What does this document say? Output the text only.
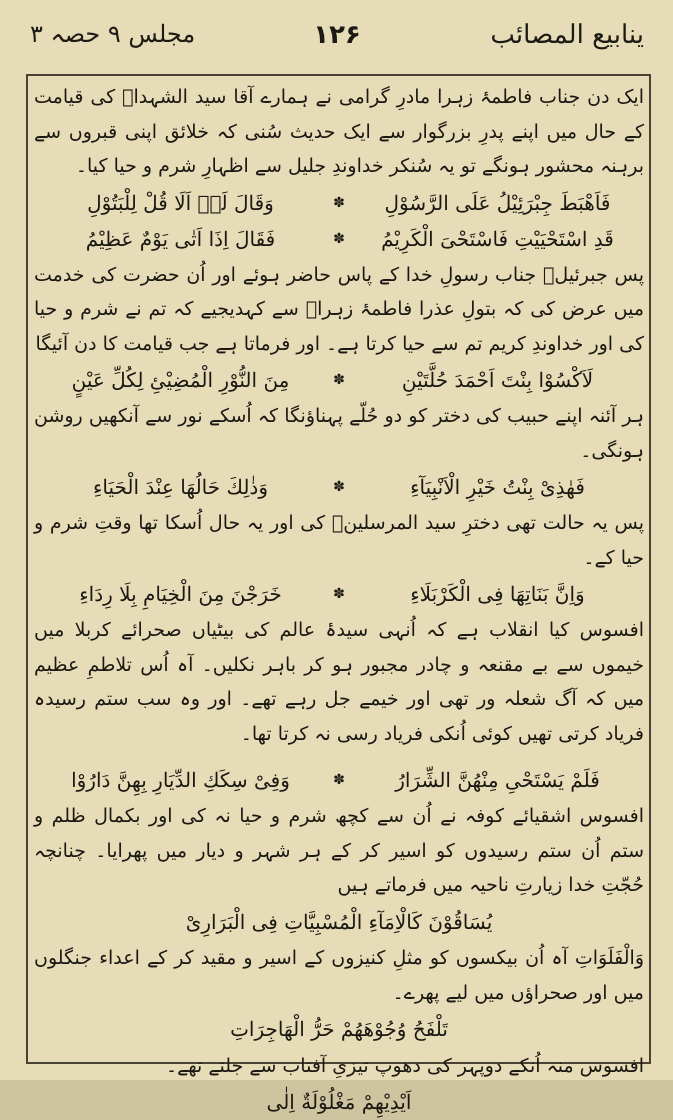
ینابیع المصائب
۱۲۶
مجلس ۹ حصہ ۳

ایک دن جناب فاطمۂ زہرا مادرِ گرامی نے ہمارے آقا سید الشہداؑ کی قیامت کے حال میں اپنے پدرِ بزرگوار سے ایک حدیث سُنی کہ خلائق اپنی قبروں سے برہنہ محشور ہونگے تو یہ سُنکر خداوندِ جلیل سے اظہارِ شرم و حیا کیا۔

فَاَهْبَطَ جِبْرَئِیْلُ عَلَی الرَّسُوْلِ
✽
وَقَالَ لَہٗ اَلَا قُلْ لِلْبَتُوْلِ
قَدِ اسْتَحْیَیْتِ فَاسْتَحْیَ الْکَرِیْمُ
✽
فَقَالَ اِذَا اَتٰی یَوْمٌ عَظِیْمُ

پس جبرئیلؑ جناب رسولِ خدا کے پاس حاضر ہوئے اور اُن حضرت کی خدمت میں عرض کی کہ بتولِ عذرا فاطمۂ زہراؑ سے کہدیجیے کہ تم نے شرم و حیا کی اور خداوندِ کریم تم سے حیا کرتا ہے۔ اور فرماتا ہے جب قیامت کا دن آئیگا

لَاَکْسُوْا بِنْتَ اَحْمَدَ حُلَّتَیْنِ
✽
مِنَ النُّوْرِ الْمُضِیْئِ لِکُلِّ عَیْنٍ

ہر آئنہ اپنے حبیب کی دختر کو دو حُلّے پہناؤنگا کہ اُسکے نور سے آنکھیں روشن ہونگی۔

فَهٰذِیْ بِنْتُ خَیْرِ الْاَنْبِیَآءِ
✽
وَذٰلِكَ حَالُهَا عِنْدَ الْحَیَاءِ

پس یہ حالت تھی دخترِ سید المرسلینؐ کی اور یہ حال اُسکا تھا وقتِ شرم و حیا کے۔

وَاِنَّ بَنَاتِهَا فِی الْکَرْبَلَاءِ
✽
خَرَجْنَ مِنَ الْخِیَامِ بِلَا رِدَاءِ

افسوس کیا انقلاب ہے کہ اُنہی سیدۂ عالم کی بیٹیاں صحرائے کربلا میں خیموں سے بے مقنعہ و چادر مجبور ہو کر باہر نکلیں۔ آہ اُس تلاطمِ عظیم میں کہ آگ شعلہ ور تھی اور خیمے جل رہے تھے۔ اور وہ سب ستم رسیدہ فریاد کرتی تھیں کوئی اُنکی فریاد رسی نہ کرتا تھا۔

فَلَمْ یَسْتَحْیِ مِنْهُنَّ الشِّرَارُ
✽
وَفِیْ سِکَكِ الدِّیَارِ بِهِنَّ دَارُوْا

افسوس اشقیائے کوفہ نے اُن سے کچھ شرم و حیا نہ کی اور بکمال ظلم و ستم اُن ستم رسیدوں کو اسیر کر کے ہر شہر و دیار میں پھرایا۔ چنانچہ حُجّتِ خدا زیارتِ ناحیہ میں فرماتے ہیں

یُسَاقُوْنَ کَالْاِمَآءِ الْمُسْبِیَّاتِ فِی الْبَرَارِیْ

وَالْفَلَوَاتِ آہ اُن بیکسوں کو مثلِ کنیزوں کے اسیر و مقید کر کے اعداء جنگلوں میں اور صحراؤں میں لیے پھرے۔

تَلْفَحُ وُجُوْهَهُمْ حَرُّ الْهَاجِرَاتِ

افسوس منہ اُنکے دوپہر کی دھوپ تیزیِ آفتاب سے جلتے تھے۔

اَیْدِیْهِمْ مَغْلُوْلَةٌ اِلٰی
